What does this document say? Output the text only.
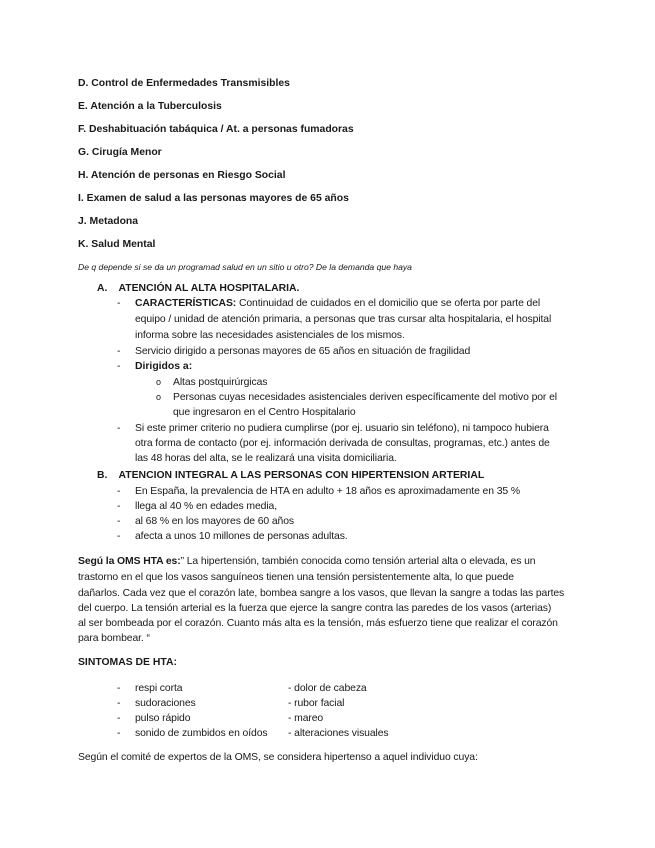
D. Control de Enfermedades Transmisibles
E. Atención a la Tuberculosis
F. Deshabituación tabáquica / At. a personas fumadoras
G. Cirugía Menor
H. Atención de personas en Riesgo Social
I. Examen de salud a las personas mayores de 65 años
J. Metadona
K. Salud Mental
De q depende si se da un programad salud en un sitio u otro? De la demanda que haya
A.    ATENCIÓN AL ALTA HOSPITALARIA.
- CARACTERÍSTICAS: Continuidad de cuidados en el domicilio que se oferta por parte del
equipo / unidad de atención primaria, a personas que tras cursar alta hospitalaria, el hospital
informa sobre las necesidades asistenciales de los mismos.
- Servicio dirigido a personas mayores de 65 años en situación de fragilidad
- Dirigidos a:
o Altas postquirúrgicas
o Personas cuyas necesidades asistenciales deriven específicamente del motivo por el
que ingresaron en el Centro Hospitalario
- Si este primer criterio no pudiera cumplirse (por ej. usuario sin teléfono), ni tampoco hubiera
otra forma de contacto (por ej. información derivada de consultas, programas, etc.) antes de
las 48 horas del alta, se le realizará una visita domiciliaria.
B.    ATENCION INTEGRAL A LAS PERSONAS CON HIPERTENSION ARTERIAL
- En España, la prevalencia de HTA en adulto + 18 años es aproximadamente en 35 %
- llega al 40 % en edades media,
- al 68 % en los mayores de 60 años
- afecta a unos 10 millones de personas adultas.
Segú la OMS HTA es:” La hipertensión, también conocida como tensión arterial alta o elevada, es un
trastorno en el que los vasos sanguíneos tienen una tensión persistentemente alta, lo que puede
dañarlos. Cada vez que el corazón late, bombea sangre a los vasos, que llevan la sangre a todas las partes
del cuerpo. La tensión arterial es la fuerza que ejerce la sangre contra las paredes de los vasos (arterias)
al ser bombeada por el corazón. Cuanto más alta es la tensión, más esfuerzo tiene que realizar el corazón
para bombear. “
SINTOMAS DE HTA:
- respi corta	- dolor de cabeza
- sudoraciones	- rubor facial
- pulso rápido	- mareo
- sonido de zumbidos en oídos - alteraciones visuales
Según el comité de expertos de la OMS, se considera hipertenso a aquel individuo cuya:
